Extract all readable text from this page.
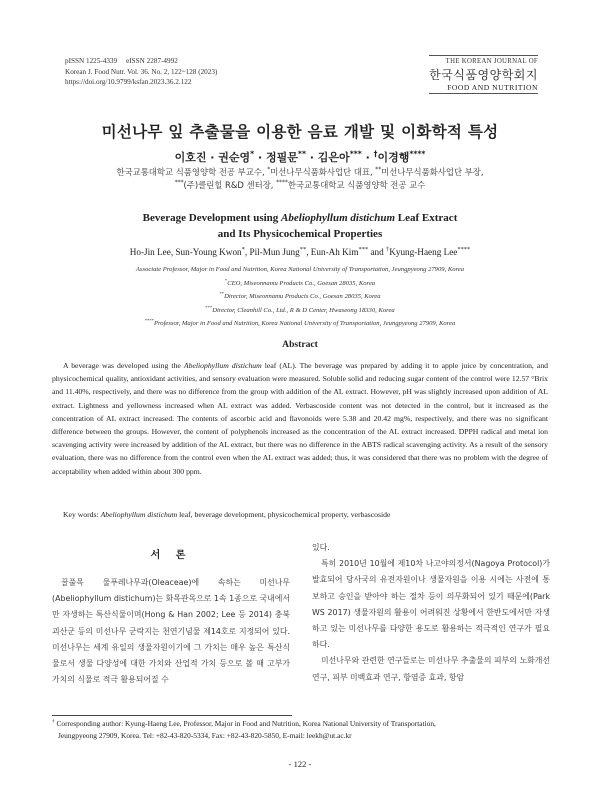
pISSN 1225-4339     eISSN 2287-4992
Korean J. Food Nutr. Vol. 36. No. 2, 122~128 (2023)
https://doi.org/10.9799/ksfan.2023.36.2.122
THE KOREAN JOURNAL OF
한국식품영양학회지
FOOD AND NUTRITION
미선나무 잎 추출물을 이용한 음료 개발 및 이화학적 특성
이호진 · 권순영* · 정필문** · 김은아*** · †이경행****
한국교통대학교 식품영양학 전공 부교수, *미선나무식품화사업단 대표, **미선나무식품화사업단 부장,
***(주)클린힐 R&D 센터장, ****한국교통대학교 식품영양학 전공 교수
Beverage Development using Abeliophyllum distichum Leaf Extract
and Its Physicochemical Properties
Ho-Jin Lee, Sun-Young Kwon*, Pil-Mun Jung**, Eun-Ah Kim*** and †Kyung-Haeng Lee****
Associate Professor, Major in Food and Nutrition, Korea National University of Transportation, Jeungpyeong 27909, Korea
*CEO, Miseonnamu Products Co., Goesan 28035, Korea
**Director, Miseonnamu Products Co., Goesan 28035, Korea
***Director, Cleanhill Co., Ltd., R & D Center, Hwaseong 18330, Korea
****Professor, Major in Food and Nutrition, Korea National University of Transportation, Jeungpyeong 27909, Korea
Abstract
A beverage was developed using the Abeliophyllum distichum leaf (AL). The beverage was prepared by adding it to apple juice by concentration, and physicochemical quality, antioxidant activities, and sensory evaluation were measured. Soluble solid and reducing sugar content of the control were 12.57 °Brix and 11.40%, respectively, and there was no difference from the group with addition of the AL extract. However, pH was slightly increased upon addition of AL extract. Lightness and yellowness increased when AL extract was added. Verbascoside content was not detected in the control, but it increased as the concentration of AL extract increased. The contents of ascorbic acid and flavonoids were 5.38 and 20.42 mg%, respectively, and there was no significant difference between the groups. However, the content of polyphenols increased as the concentration of the AL extract increased. DPPH radical and metal ion scavenging activity were increased by addition of the AL extract, but there was no difference in the ABTS radical scavenging activity. As a result of the sensory evaluation, there was no difference from the control even when the AL extract was added; thus, it was considered that there was no problem with the degree of acceptability when added within about 300 ppm.
Key words: Abeliophyllum distichum leaf, beverage development, physicochemical property, verbascoside
서 론
꿀풀목 물푸레나무과(Oleaceae)에 속하는 미선나무(Abeliophyllum distichum)는 화목관목으로 1속 1종으로 국내에서만 자생하는 특산식물이며(Hong & Han 2002; Lee 등 2014) 충북 괴산군 등의 미선나무 군락지는 천연기념물 제14호로 지정되어 있다. 미선나무는 세계 유일의 생물자원이기에 그 가치는 매우 높은 특산식물로서 생물 다양성에 대한 가치와 산업적 가치 등으로 볼 때 고부가가치의 식물로 적극 활용되어질 수
있다.
특히 2010년 10월에 제10차 나고야의정서(Nagoya Protocol)가 발효되어 당사국의 유전자원이나 생물자원을 이용 시에는 사전에 통보하고 승인을 받아야 하는 절차 등이 의무화되어 있기 때문에(Park WS 2017) 생물자원의 활용이 어려워진 상황에서 한반도에서만 자생하고 있는 미선나무를 다양한 용도로 활용하는 적극적인 연구가 필요하다.
미선나무와 관련한 연구들로는 미선나무 추출물의 피부의 노화개선 연구, 피부 미백효과 연구, 항염증 효과, 항암
† Corresponding author: Kyung-Haeng Lee, Professor, Major in Food and Nutrition, Korea National University of Transportation,
Jeungpyeong 27909, Korea. Tel: +82-43-820-5334, Fax: +82-43-820-5850, E-mail: leekh@ut.ac.kr
- 122 -
